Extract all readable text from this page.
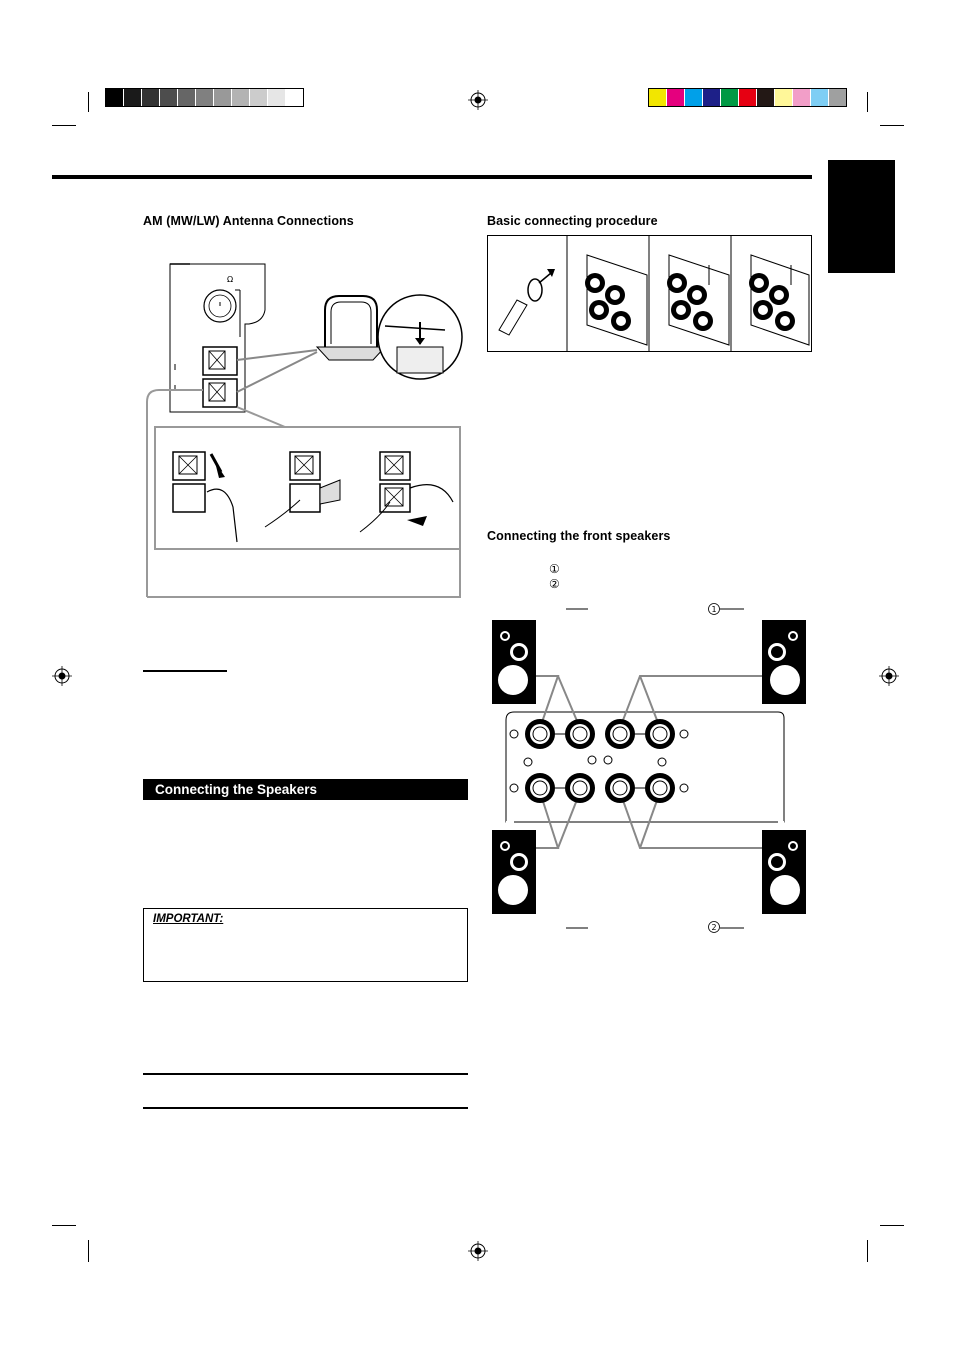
AM (MW/LW) Antenna Connections	Basic connecting procedure
Connecting the front speakers
Ω
①
②
1
2
Connecting the Speakers
IMPORTANT:
